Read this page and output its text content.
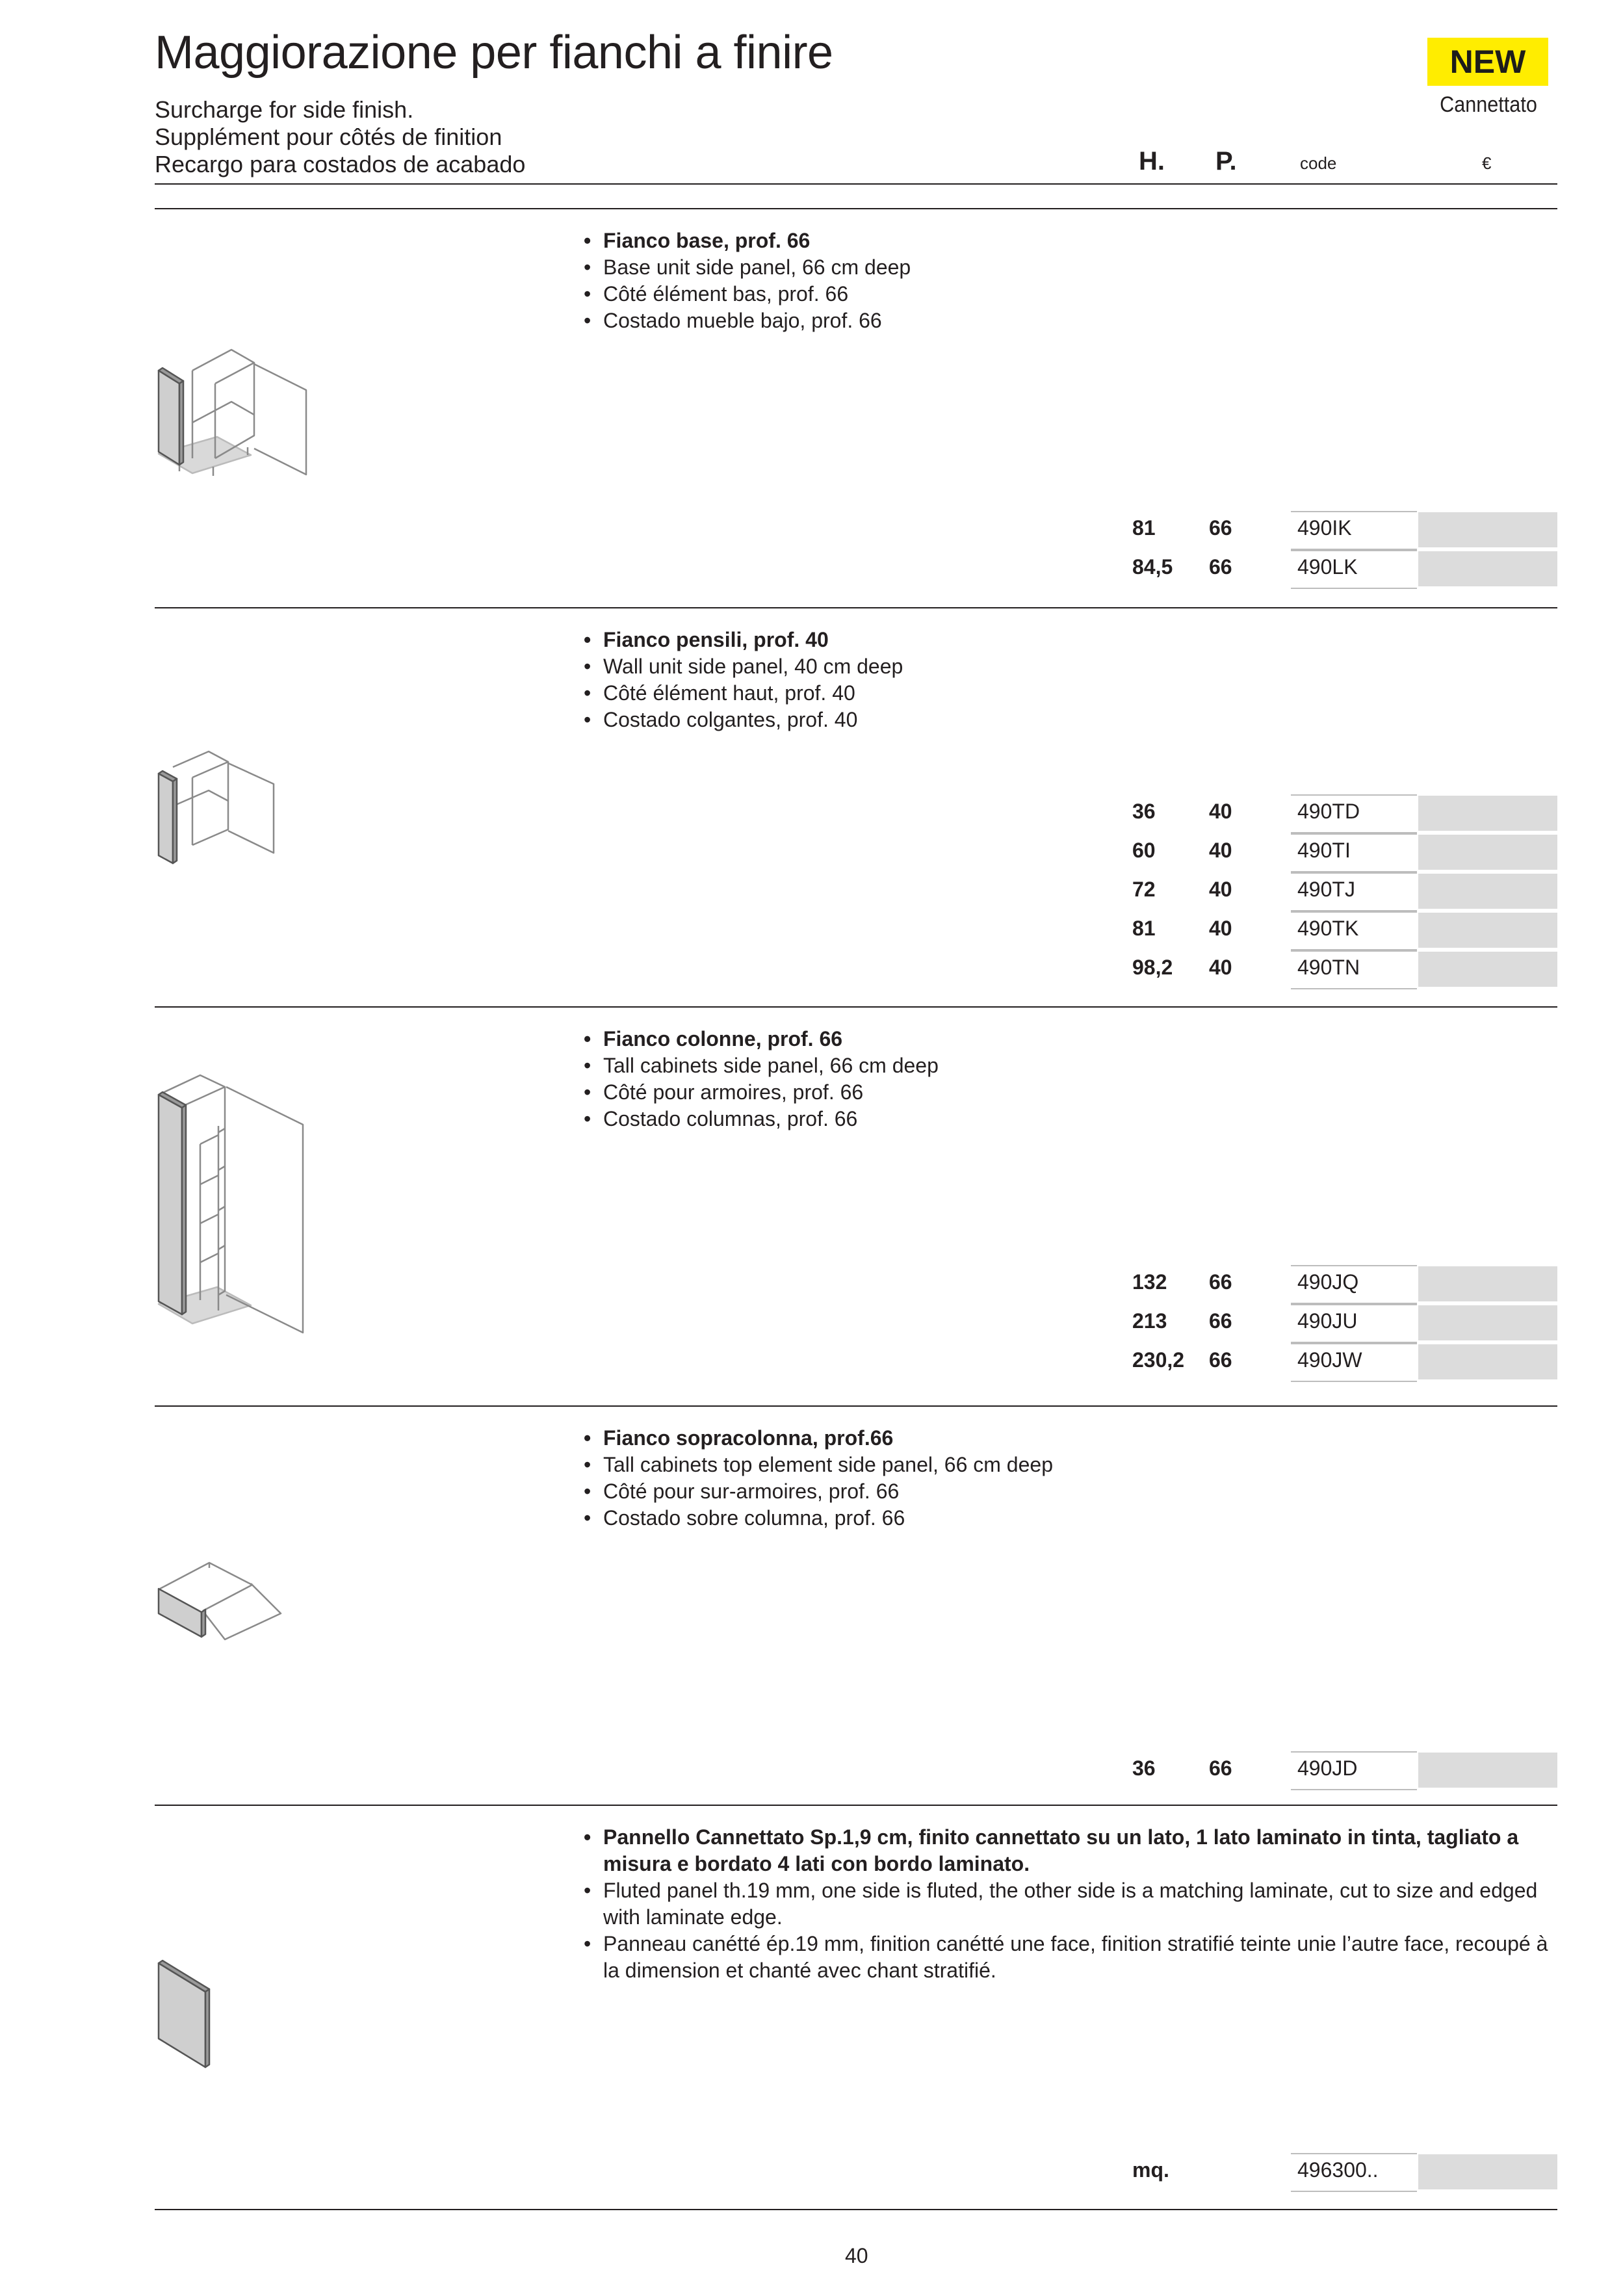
Maggiorazione per fianchi a finire
Surcharge for side finish.
Supplément pour côtés de finition
Recargo para costados de acabado
NEW
Cannettato
H. P.	code	€
• Fianco base, prof. 66
• Base unit side panel, 66 cm deep
• Côté élément bas, prof. 66
• Costado mueble bajo, prof. 66
81	66	490IK
84,5 66	490LK
• Fianco pensili, prof. 40
• Wall unit side panel, 40 cm deep
• Côté élément haut, prof. 40
• Costado colgantes, prof. 40
36	40	490TD
60	40	490TI
72	40	490TJ
81	40	490TK
98,2 40	490TN
• Fianco colonne, prof. 66
• Tall cabinets side panel, 66 cm deep
• Côté pour armoires, prof. 66
• Costado columnas, prof. 66
132 66	490JQ
213 66	490JU
230,2 66	490JW
• Fianco sopracolonna, prof.66
• Tall cabinets top element side panel, 66 cm deep
• Côté pour sur-armoires, prof. 66
• Costado sobre columna, prof. 66
36	66	490JD
• Pannello Cannettato Sp.1,9 cm, finito cannettato su un lato, 1 lato laminato in tinta, tagliato a misura e bordato 4 lati con bordo laminato.
• Fluted panel th.19 mm, one side is fluted, the other side is a matching laminate, cut to size and edged with laminate edge.
• Panneau canétté ép.19 mm, finition canétté une face, finition stratifié teinte unie l’autre face, recoupé à la dimension et chanté avec chant stratifié.
mq.	496300..
40
